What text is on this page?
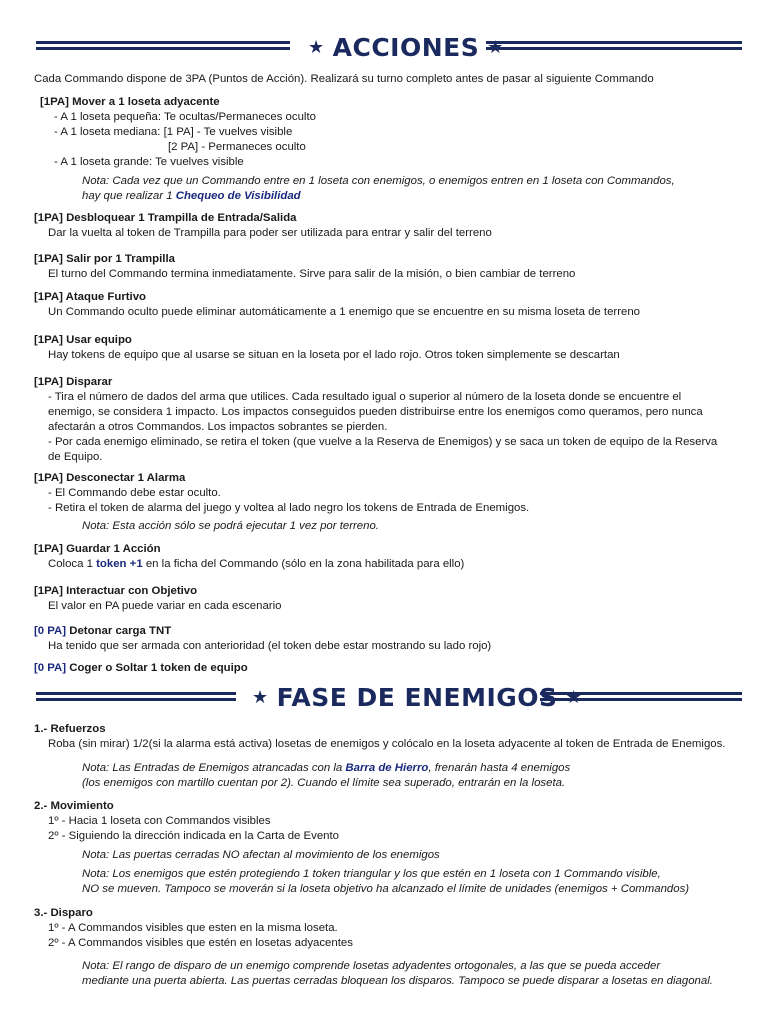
★ ACCIONES ★
Cada Commando dispone de 3PA (Puntos de Acción). Realizará su turno completo antes de pasar al siguiente Commando
[1PA] Mover a 1 loseta adyacente
- A 1 loseta pequeña: Te ocultas/Permaneces oculto
- A 1 loseta mediana: [1 PA] - Te vuelves visible
[2 PA] - Permaneces oculto
- A 1 loseta grande: Te vuelves visible
Nota: Cada vez que un Commando entre en 1 loseta con enemigos, o enemigos entren en 1 loseta con Commandos,
hay que realizar 1 Chequeo de Visibilidad
[1PA] Desbloquear 1 Trampilla de Entrada/Salida
Dar la vuelta al token de Trampilla para poder ser utilizada para entrar y salir del terreno
[1PA] Salir por 1 Trampilla
El turno del Commando termina inmediatamente. Sirve para salir de la misión, o bien cambiar de terreno
[1PA] Ataque Furtivo
Un Commando oculto puede eliminar automáticamente a 1 enemigo que se encuentre en su misma loseta de terreno
[1PA] Usar equipo
Hay tokens de equipo que al usarse se situan en la loseta por el lado rojo. Otros token simplemente se descartan
[1PA] Disparar
- Tira el número de dados del arma que utilices. Cada resultado igual o superior al número de la loseta donde se encuentre el
enemigo, se considera 1 impacto. Los impactos conseguidos pueden distribuirse entre los enemigos como queramos, pero nunca
afectarán a otros Commandos. Los impactos sobrantes se pierden.
- Por cada enemigo eliminado, se retira el token (que vuelve a la Reserva de Enemigos) y se saca un token de equipo de la Reserva
de Equipo.
[1PA] Desconectar 1 Alarma
- El Commando debe estar oculto.
- Retira el token de alarma del juego y voltea al lado negro los tokens de Entrada de Enemigos.
Nota: Esta acción sólo se podrá ejecutar 1 vez por terreno.
[1PA] Guardar 1 Acción
Coloca 1 token +1 en la ficha del Commando (sólo en la zona habilitada para ello)
[1PA] Interactuar con Objetivo
El valor en PA puede variar en cada escenario
[0 PA] Detonar carga TNT
Ha tenido que ser armada con anterioridad (el token debe estar mostrando su lado rojo)
[0 PA] Coger o Soltar 1 token de equipo
★ FASE DE ENEMIGOS ★
1.- Refuerzos
Roba (sin mirar) 1/2(si la alarma está activa) losetas de enemigos y colócalo en la loseta adyacente al token de Entrada de Enemigos.
Nota: Las Entradas de Enemigos atrancadas con la Barra de Hierro, frenarán hasta 4 enemigos
(los enemigos con martillo cuentan por 2). Cuando el límite sea superado, entrarán en la loseta.
2.- Movimiento
1º - Hacia 1 loseta con Commandos visibles
2º - Siguiendo la dirección indicada en la Carta de Evento
Nota: Las puertas cerradas NO afectan al movimiento de los enemigos
Nota: Los enemigos que estén protegiendo 1 token triangular y los que estén en 1 loseta con 1 Commando visible,
NO se mueven. Tampoco se moverán si la loseta objetivo ha alcanzado el límite de unidades (enemigos + Commandos)
3.- Disparo
1º - A Commandos visibles que esten en la misma loseta.
2º - A Commandos visibles que estén en losetas adyacentes
Nota: El rango de disparo de un enemigo comprende losetas adyadentes ortogonales, a las que se pueda acceder
mediante una puerta abierta. Las puertas cerradas bloquean los disparos. Tampoco se puede disparar a losetas en diagonal.
